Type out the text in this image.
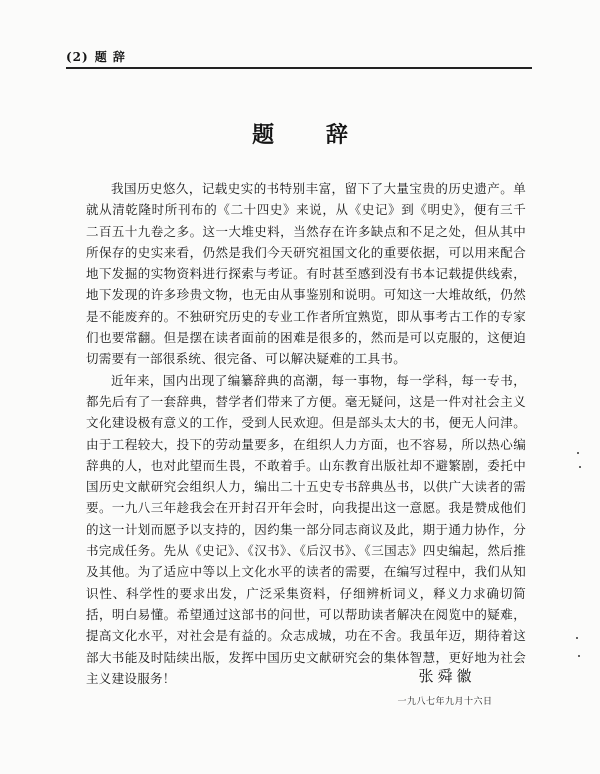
(2) 题 辞
题 辞

我国历史悠久，记载史实的书特别丰富，留下了大量宝贵的历史遗产。单就从清乾隆时所刊布的《二十四史》来说，从《史记》到《明史》，便有三千二百五十九卷之多。这一大堆史料，当然存在许多缺点和不足之处，但从其中所保存的史实来看，仍然是我们今天研究祖国文化的重要依据，可以用来配合地下发掘的实物资料进行探索与考证。有时甚至感到没有书本记载提供线索，地下发现的许多珍贵文物，也无由从事鉴别和说明。可知这一大堆故纸，仍然是不能废弃的。不独研究历史的专业工作者所宜熟览，即从事考古工作的专家们也要常翻。但是摆在读者面前的困难是很多的，然而是可以克服的，这便迫切需要有一部很系统、很完备、可以解决疑难的工具书。

近年来，国内出现了编纂辞典的高潮，每一事物，每一学科，每一专书，都先后有了一套辞典，替学者们带来了方便。毫无疑问，这是一件对社会主义文化建设极有意义的工作，受到人民欢迎。但是部头太大的书，便无人问津。由于工程较大，投下的劳动量要多，在组织人力方面，也不容易，所以热心编辞典的人，也对此望而生畏，不敢着手。山东教育出版社却不避繁剧，委托中国历史文献研究会组织人力，编出二十五史专书辞典丛书，以供广大读者的需要。一九八三年趁我会在开封召开年会时，向我提出这一意愿。我是赞成他们的这一计划而愿予以支持的，因约集一部分同志商议及此，期于通力协作，分书完成任务。先从《史记》、《汉书》、《后汉书》、《三国志》四史编起，然后推及其他。为了适应中等以上文化水平的读者的需要，在编写过程中，我们从知识性、科学性的要求出发，广泛采集资料，仔细辨析词义，释义力求确切简括，明白易懂。希望通过这部书的问世，可以帮助读者解决在阅览中的疑难，提高文化水平，对社会是有益的。众志成城，功在不舍。我虽年迈，期待着这部大书能及时陆续出版，发挥中国历史文献研究会的集体智慧，更好地为社会主义建设服务！	张舜徽
一九八七年九月十六日
